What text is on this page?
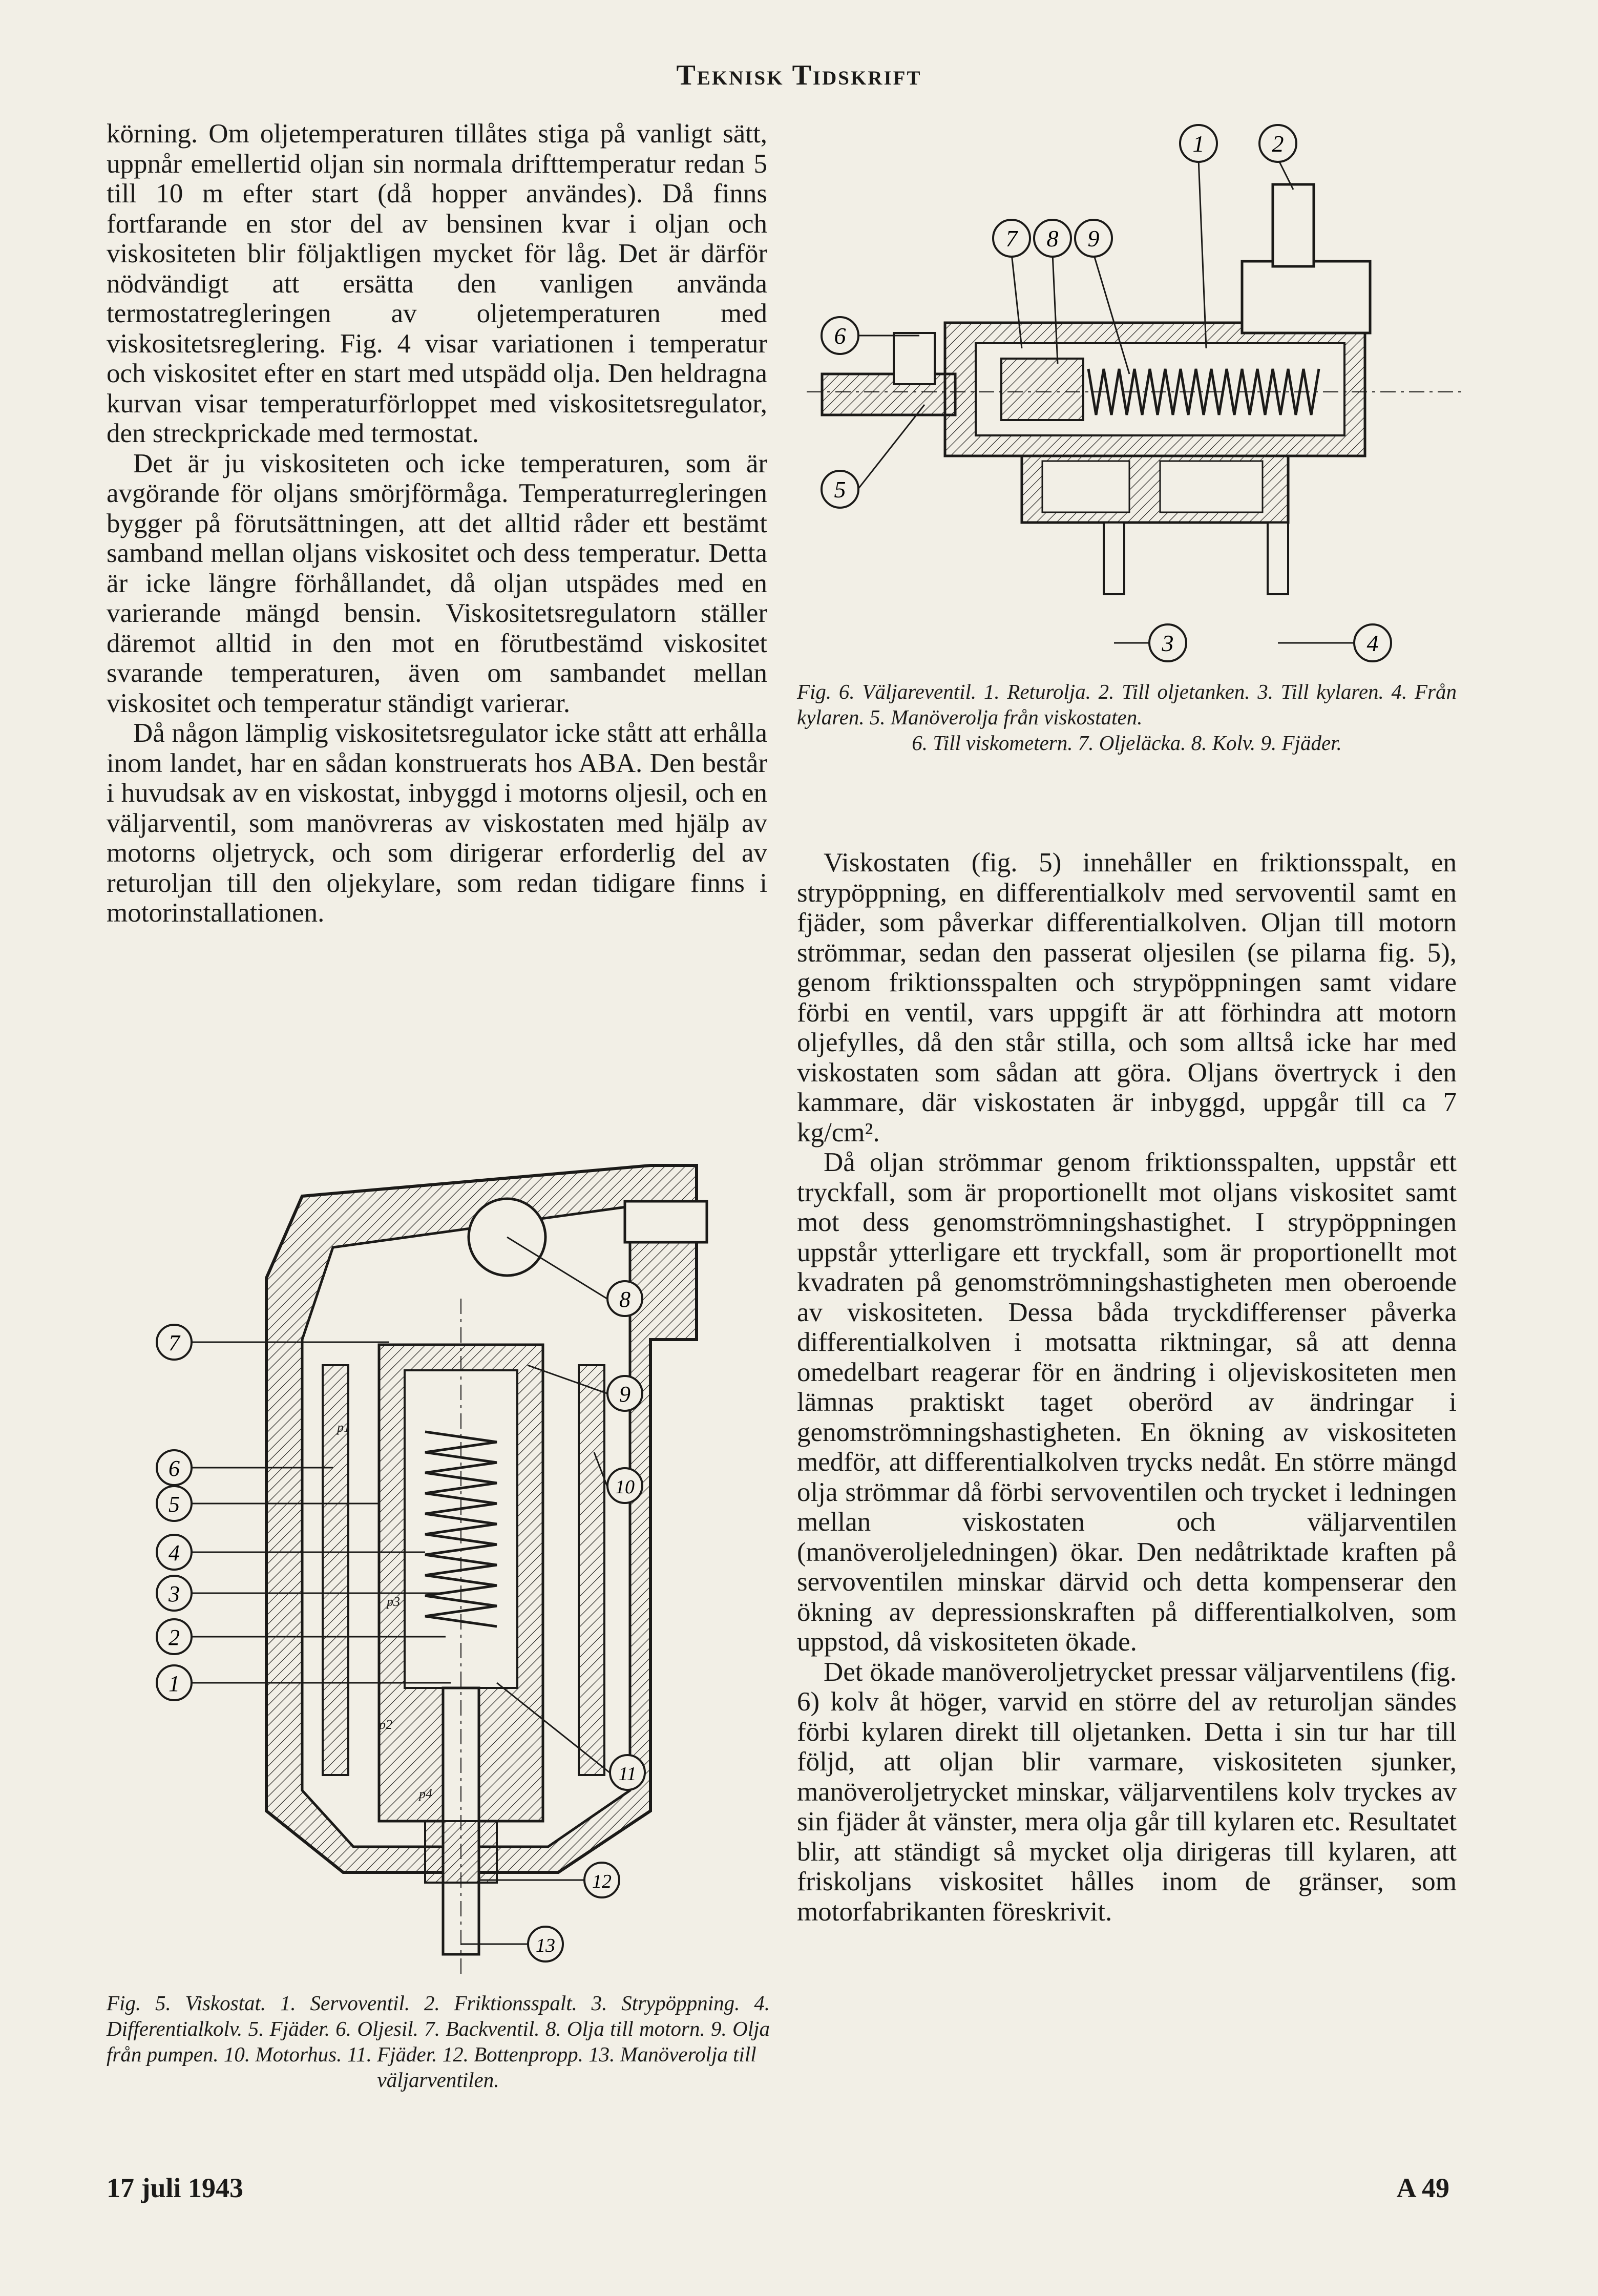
Teknisk Tidskrift

körning. Om oljetemperaturen tillåtes stiga på vanligt sätt, uppnår emellertid oljan sin normala drifttemperatur redan 5 till 10 m efter start (då hopper användes). Då finns fortfarande en stor del av bensinen kvar i oljan och viskositeten blir följaktligen mycket för låg. Det är därför nödvändigt att ersätta den vanligen använda termostatregleringen av oljetemperaturen med viskositetsreglering. Fig. 4 visar variationen i temperatur och viskositet efter en start med utspädd olja. Den heldragna kurvan visar temperaturförloppet med viskositetsregulator, den streckprickade med termostat.

Det är ju viskositeten och icke temperaturen, som är avgörande för oljans smörjförmåga. Temperaturregleringen bygger på förutsättningen, att det alltid råder ett bestämt samband mellan oljans viskositet och dess temperatur. Detta är icke längre förhållandet, då oljan utspädes med en varierande mängd bensin. Viskositetsregulatorn ställer däremot alltid in den mot en förutbestämd viskositet svarande temperaturen, även om sambandet mellan viskositet och temperatur ständigt varierar.

Då någon lämplig viskositetsregulator icke stått att erhålla inom landet, har en sådan konstruerats hos ABA. Den består i huvudsak av en viskostat, inbyggd i motorns oljesil, och en väljarventil, som manövreras av viskostaten med hjälp av motorns oljetryck, och som dirigerar erforderlig del av returoljan till den oljekylare, som redan tidigare finns i motorinstallationen.

1	2
7 8 9
6
5
3	4
Fig. 6. Väljareventil. 1. Returolja. 2. Till oljetanken. 3. Till kylaren. 4. Från kylaren. 5. Manöverolja från viskostaten.
6. Till viskometern. 7. Oljeläcka. 8. Kolv. 9. Fjäder.

Viskostaten (fig. 5) innehåller en friktionsspalt, en strypöppning, en differentialkolv med servoventil samt en fjäder, som påverkar differentialkolven. Oljan till motorn strömmar, sedan den passerat oljesilen (se pilarna fig. 5), genom friktionsspalten och strypöppningen samt vidare förbi en ventil, vars uppgift är att förhindra att motorn oljefylles, då den står stilla, och som alltså icke har med viskostaten som sådan att göra. Oljans övertryck i den kammare, där viskostaten är inbyggd, uppgår till ca 7 kg/cm².

Då oljan strömmar genom friktionsspalten, uppstår ett tryckfall, som är proportionellt mot oljans viskositet samt mot dess genomströmningshastighet. I strypöppningen uppstår ytterligare ett tryckfall, som är proportionellt mot kvadraten på genomströmningshastigheten men oberoende av viskositeten. Dessa båda tryckdifferenser påverka differentialkolven i motsatta riktningar, så att denna omedelbart reagerar för en ändring i oljeviskositeten men lämnas praktiskt taget oberörd av ändringar i genomströmningshastigheten. En ökning av viskositeten medför, att differentialkolven trycks nedåt. En större mängd olja strömmar då förbi servoventilen och trycket i ledningen mellan viskostaten och väljarventilen (manöveroljeledningen) ökar. Den nedåtriktade kraften på servoventilen minskar därvid och detta kompenserar den ökning av depressionskraften på differentialkolven, som uppstod, då viskositeten ökade.

Det ökade manöveroljetrycket pressar väljarventilens (fig. 6) kolv åt höger, varvid en större del av returoljan sändes förbi kylaren direkt till oljetanken. Detta i sin tur har till följd, att oljan blir varmare, viskositeten sjunker, manöveroljetrycket minskar, väljarventilens kolv tryckes av sin fjäder åt vänster, mera olja går till kylaren etc. Resultatet blir, att ständigt så mycket olja dirigeras till kylaren, att friskoljans viskositet hålles inom de gränser, som motorfabrikanten föreskrivit.

p1
p3
p2
p4
7
6
5
4
3
2
1
8
9
10
11
12
13
Fig. 5. Viskostat. 1. Servoventil. 2. Friktionsspalt. 3. Strypöppning. 4. Differentialkolv. 5. Fjäder. 6. Oljesil. 7. Backventil. 8. Olja till motorn. 9. Olja från pumpen. 10. Motorhus. 11. Fjäder. 12. Bottenpropp. 13. Manöverolja till
väljarventilen.
17 juli 1943	A 49
